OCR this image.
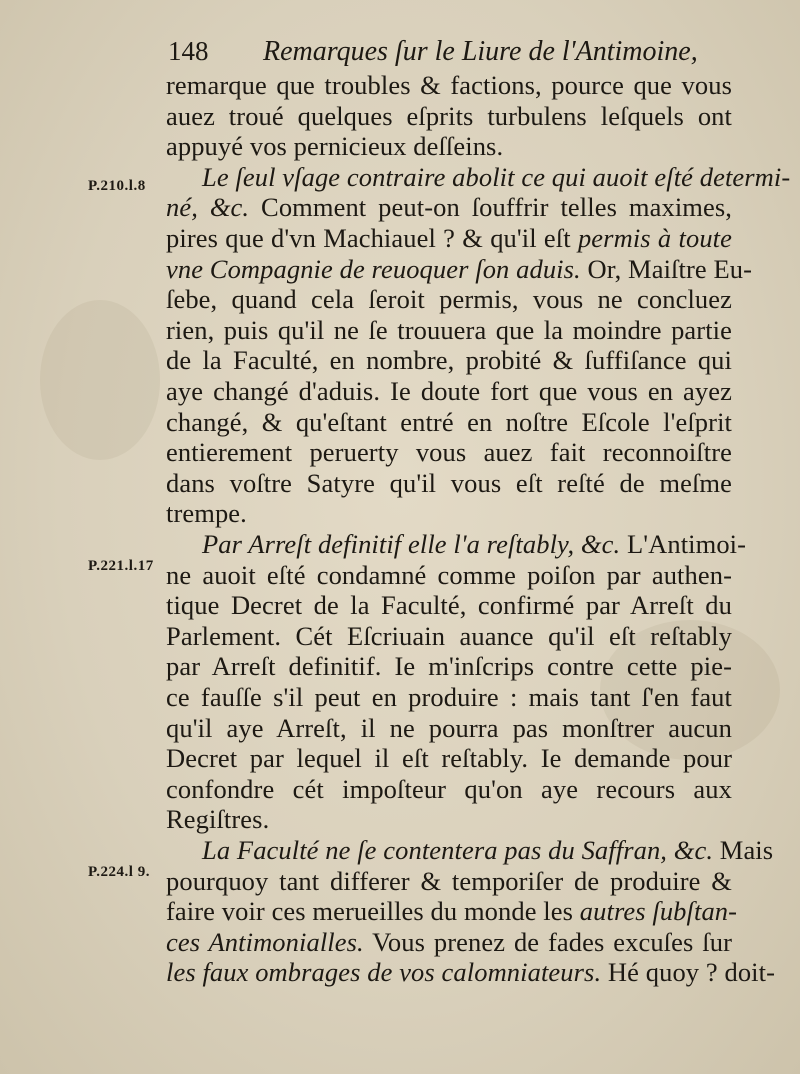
148 Remarques ſur le Liure de l'Antimoine,
P.210.l.8
P.221.l.17
P.224.l 9.
remarque que troubles & factions, pource que vous
auez troué quelques eſprits turbulens leſquels ont
appuyé vos pernicieux deſſeins.
Le ſeul vſage contraire abolit ce qui auoit eſté determi-
né, &c. Comment peut-on ſouffrir telles maximes,
pires que d'vn Machiauel ? & qu'il eſt permis à toute
vne Compagnie de reuoquer ſon aduis. Or, Maiſtre Eu-
ſebe, quand cela ſeroit permis, vous ne concluez
rien, puis qu'il ne ſe trouuera que la moindre partie
de la Faculté, en nombre, probité & ſuffiſance qui
aye changé d'aduis. Ie doute fort que vous en ayez
changé, & qu'eſtant entré en noſtre Eſcole l'eſprit
entierement peruerty vous auez fait reconnoiſtre
dans voſtre Satyre qu'il vous eſt reſté de meſme
trempe.
Par Arreſt definitif elle l'a reſtably, &c. L'Antimoi-
ne auoit eſté condamné comme poiſon par authen-
tique Decret de la Faculté, confirmé par Arreſt du
Parlement. Cét Eſcriuain auance qu'il eſt reſtably
par Arreſt definitif. Ie m'inſcrips contre cette pie-
ce fauſſe s'il peut en produire : mais tant ſ'en faut
qu'il aye Arreſt, il ne pourra pas monſtrer aucun
Decret par lequel il eſt reſtably. Ie demande pour
confondre cét impoſteur qu'on aye recours aux
Regiſtres.
La Faculté ne ſe contentera pas du Saffran, &c. Mais
pourquoy tant differer & temporiſer de produire &
faire voir ces merueilles du monde les autres ſubſtan-
ces Antimonialles. Vous prenez de fades excuſes ſur
les faux ombrages de vos calomniateurs. Hé quoy ? doit-
